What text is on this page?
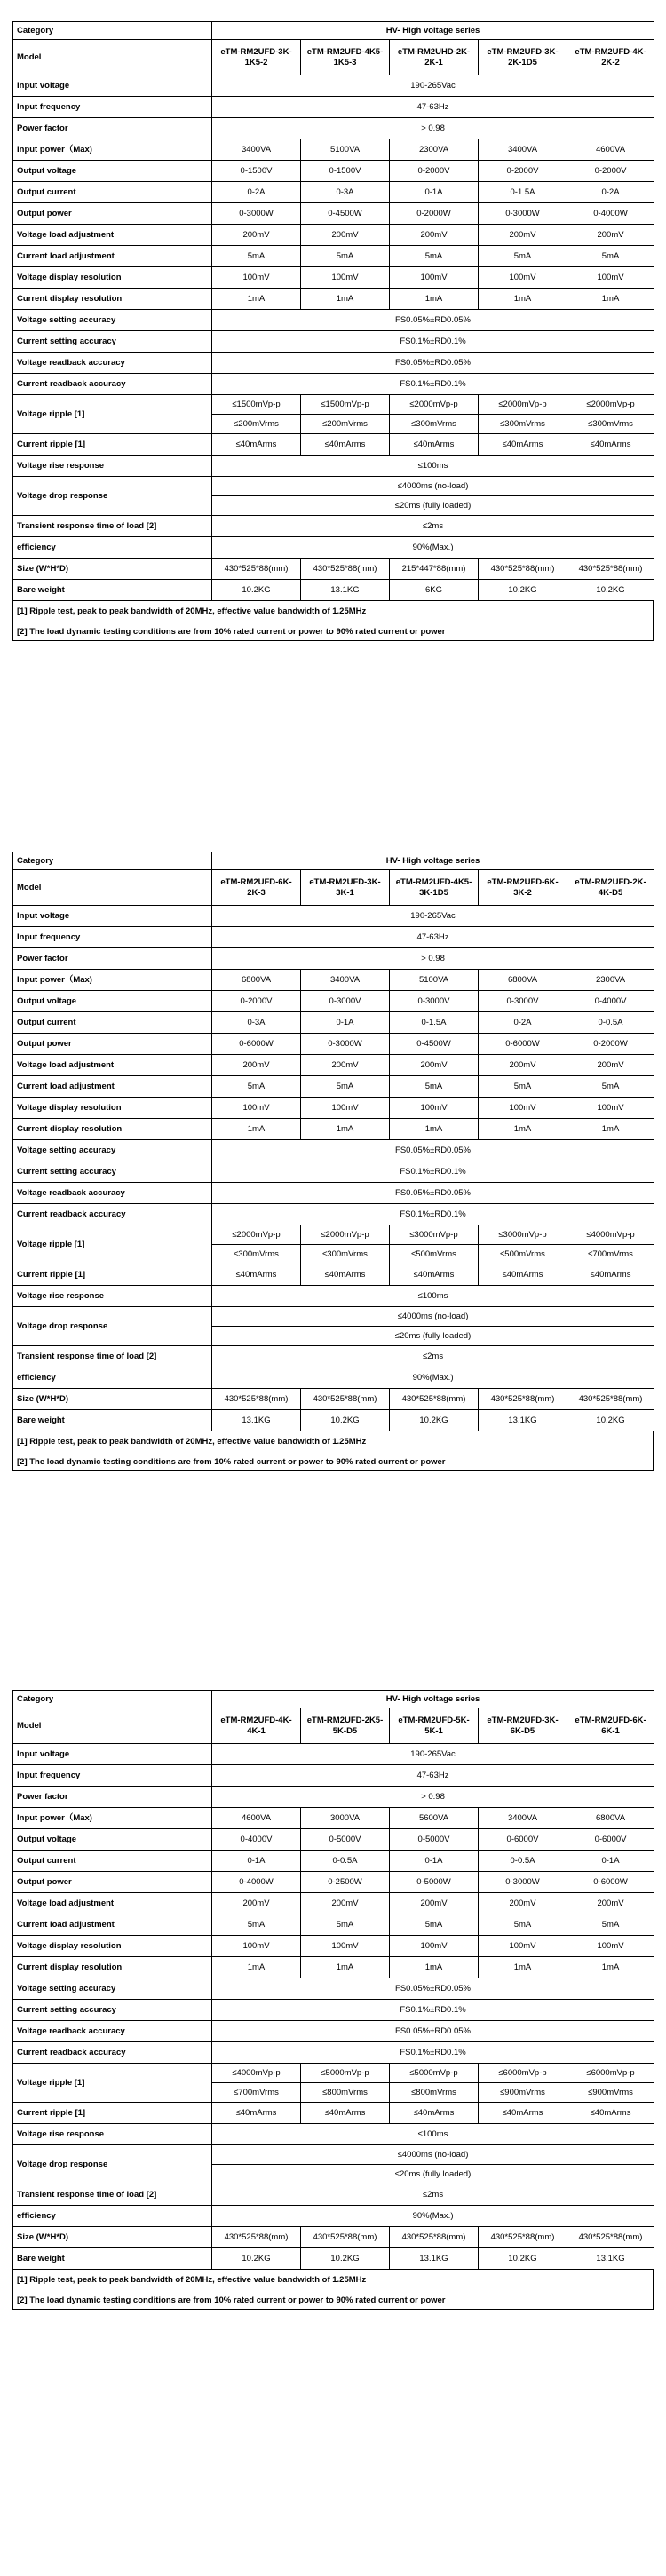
Category	HV- High voltage series				
Model	eTM-RM2UFD-3K-1K5-2	eTM-RM2UFD-4K5-1K5-3	eTM-RM2UHD-2K-2K-1	eTM-RM2UFD-3K-2K-1D5	eTM-RM2UFD-4K-2K-2
Input voltage	190-265Vac				
Input frequency	47-63Hz				
Power factor	> 0.98				
Input power（Max)	3400VA	5100VA	2300VA	3400VA	4600VA
Output voltage	0-1500V	0-1500V	0-2000V	0-2000V	0-2000V
Output current	0-2A	0-3A	0-1A	0-1.5A	0-2A
Output power	0-3000W	0-4500W	0-2000W	0-3000W	0-4000W
Voltage load adjustment	200mV	200mV	200mV	200mV	200mV
Current load adjustment	5mA	5mA	5mA	5mA	5mA
Voltage display resolution	100mV	100mV	100mV	100mV	100mV
Current display resolution	1mA	1mA	1mA	1mA	1mA
Voltage setting accuracy	FS0.05%±RD0.05%				
Current setting accuracy	FS0.1%±RD0.1%				
Voltage readback accuracy	FS0.05%±RD0.05%				
Current readback accuracy	FS0.1%±RD0.1%				
Voltage ripple [1]	≤1500mVp-p	≤1500mVp-p	≤2000mVp-p	≤2000mVp-p	≤2000mVp-p
	≤200mVrms	≤200mVrms	≤300mVrms	≤300mVrms	≤300mVrms
Current ripple [1]	≤40mArms	≤40mArms	≤40mArms	≤40mArms	≤40mArms
Voltage rise response	≤100ms				
Voltage drop response	≤4000ms (no-load)				
	≤20ms (fully loaded)				
Transient response time of load [2]	≤2ms				
efficiency	90%(Max.)				
Size (W*H*D)	430*525*88(mm)	430*525*88(mm)	215*447*88(mm)	430*525*88(mm)	430*525*88(mm)
Bare weight	10.2KG	13.1KG	6KG	10.2KG	10.2KG
[1] Ripple test, peak to peak bandwidth of 20MHz, effective value bandwidth of 1.25MHz
[2] The load dynamic testing conditions are from 10% rated current or power to 90% rated current or power
Category	HV- High voltage series				
Model	eTM-RM2UFD-6K-2K-3	eTM-RM2UFD-3K-3K-1	eTM-RM2UFD-4K5-3K-1D5	eTM-RM2UFD-6K-3K-2	eTM-RM2UFD-2K-4K-D5
Input voltage	190-265Vac				
Input frequency	47-63Hz				
Power factor	> 0.98				
Input power（Max)	6800VA	3400VA	5100VA	6800VA	2300VA
Output voltage	0-2000V	0-3000V	0-3000V	0-3000V	0-4000V
Output current	0-3A	0-1A	0-1.5A	0-2A	0-0.5A
Output power	0-6000W	0-3000W	0-4500W	0-6000W	0-2000W
Voltage load adjustment	200mV	200mV	200mV	200mV	200mV
Current load adjustment	5mA	5mA	5mA	5mA	5mA
Voltage display resolution	100mV	100mV	100mV	100mV	100mV
Current display resolution	1mA	1mA	1mA	1mA	1mA
Voltage setting accuracy	FS0.05%±RD0.05%				
Current setting accuracy	FS0.1%±RD0.1%				
Voltage readback accuracy	FS0.05%±RD0.05%				
Current readback accuracy	FS0.1%±RD0.1%				
Voltage ripple [1]	≤2000mVp-p	≤2000mVp-p	≤3000mVp-p	≤3000mVp-p	≤4000mVp-p
	≤300mVrms	≤300mVrms	≤500mVrms	≤500mVrms	≤700mVrms
Current ripple [1]	≤40mArms	≤40mArms	≤40mArms	≤40mArms	≤40mArms
Voltage rise response	≤100ms				
Voltage drop response	≤4000ms (no-load)				
	≤20ms (fully loaded)				
Transient response time of load [2]	≤2ms				
efficiency	90%(Max.)				
Size (W*H*D)	430*525*88(mm)	430*525*88(mm)	430*525*88(mm)	430*525*88(mm)	430*525*88(mm)
Bare weight	13.1KG	10.2KG	10.2KG	13.1KG	10.2KG
[1] Ripple test, peak to peak bandwidth of 20MHz, effective value bandwidth of 1.25MHz
[2] The load dynamic testing conditions are from 10% rated current or power to 90% rated current or power
Category	HV- High voltage series				
Model	eTM-RM2UFD-4K-4K-1	eTM-RM2UFD-2K5-5K-D5	eTM-RM2UFD-5K-5K-1	eTM-RM2UFD-3K-6K-D5	eTM-RM2UFD-6K-6K-1
Input voltage	190-265Vac				
Input frequency	47-63Hz				
Power factor	> 0.98				
Input power（Max)	4600VA	3000VA	5600VA	3400VA	6800VA
Output voltage	0-4000V	0-5000V	0-5000V	0-6000V	0-6000V
Output current	0-1A	0-0.5A	0-1A	0-0.5A	0-1A
Output power	0-4000W	0-2500W	0-5000W	0-3000W	0-6000W
Voltage load adjustment	200mV	200mV	200mV	200mV	200mV
Current load adjustment	5mA	5mA	5mA	5mA	5mA
Voltage display resolution	100mV	100mV	100mV	100mV	100mV
Current display resolution	1mA	1mA	1mA	1mA	1mA
Voltage setting accuracy	FS0.05%±RD0.05%				
Current setting accuracy	FS0.1%±RD0.1%				
Voltage readback accuracy	FS0.05%±RD0.05%				
Current readback accuracy	FS0.1%±RD0.1%				
Voltage ripple [1]	≤4000mVp-p	≤5000mVp-p	≤5000mVp-p	≤6000mVp-p	≤6000mVp-p
	≤700mVrms	≤800mVrms	≤800mVrms	≤900mVrms	≤900mVrms
Current ripple [1]	≤40mArms	≤40mArms	≤40mArms	≤40mArms	≤40mArms
Voltage rise response	≤100ms				
Voltage drop response	≤4000ms (no-load)				
	≤20ms (fully loaded)				
Transient response time of load [2]	≤2ms				
efficiency	90%(Max.)				
Size (W*H*D)	430*525*88(mm)	430*525*88(mm)	430*525*88(mm)	430*525*88(mm)	430*525*88(mm)
Bare weight	10.2KG	10.2KG	13.1KG	10.2KG	13.1KG
[1] Ripple test, peak to peak bandwidth of 20MHz, effective value bandwidth of 1.25MHz
[2] The load dynamic testing conditions are from 10% rated current or power to 90% rated current or power
